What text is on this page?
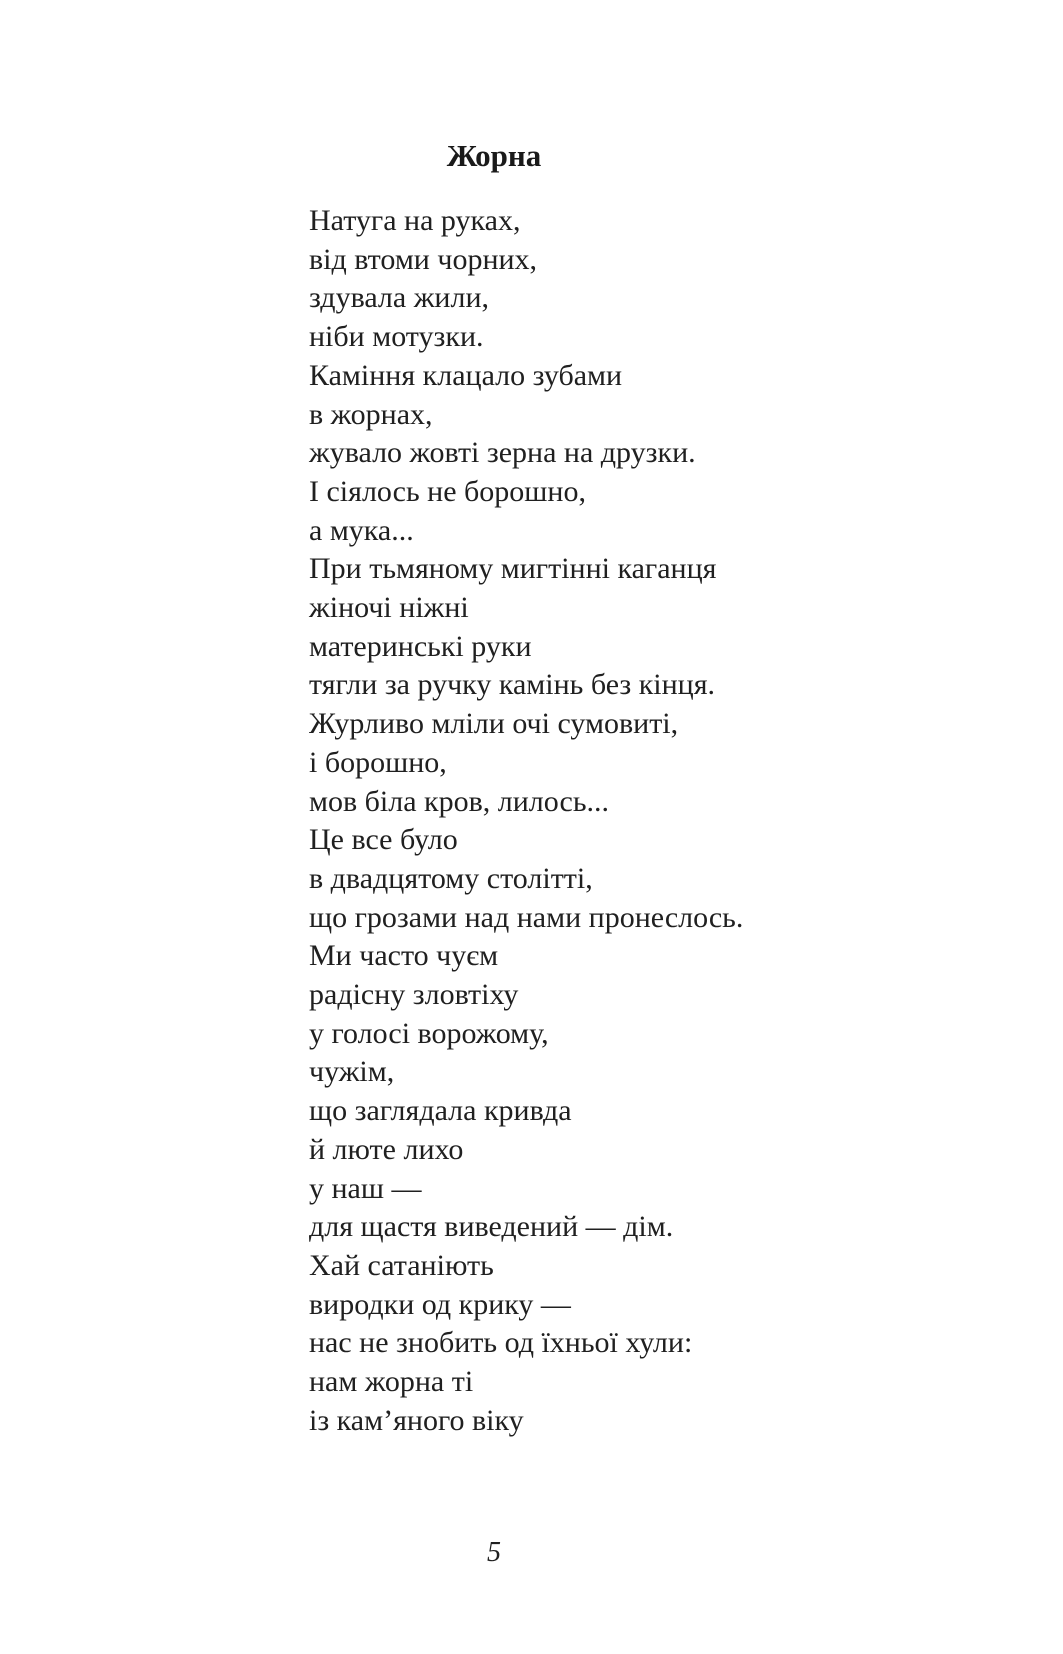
Жорна
Натуга на руках,
від втоми чорних,
здувала жили,
ніби мотузки.
Каміння клацало зубами
в жорнах,
жувало жовті зерна на друзки.
І сіялось не борошно,
а мука...
При тьмяному мигтінні каганця
жіночі ніжні
материнські руки
тягли за ручку камінь без кінця.
Журливо мліли очі сумовиті,
і борошно,
мов біла кров, лилось...
Це все було
в двадцятому столітті,
що грозами над нами пронеслось.
Ми часто чуєм
радісну зловтіху
у голосі ворожому,
чужім,
що заглядала кривда
й люте лихо
у наш —
для щастя виведений — дім.
Хай сатаніють
виродки од крику —
нас не знобить од їхньої хули:
нам жорна ті
із кам’яного віку
5
